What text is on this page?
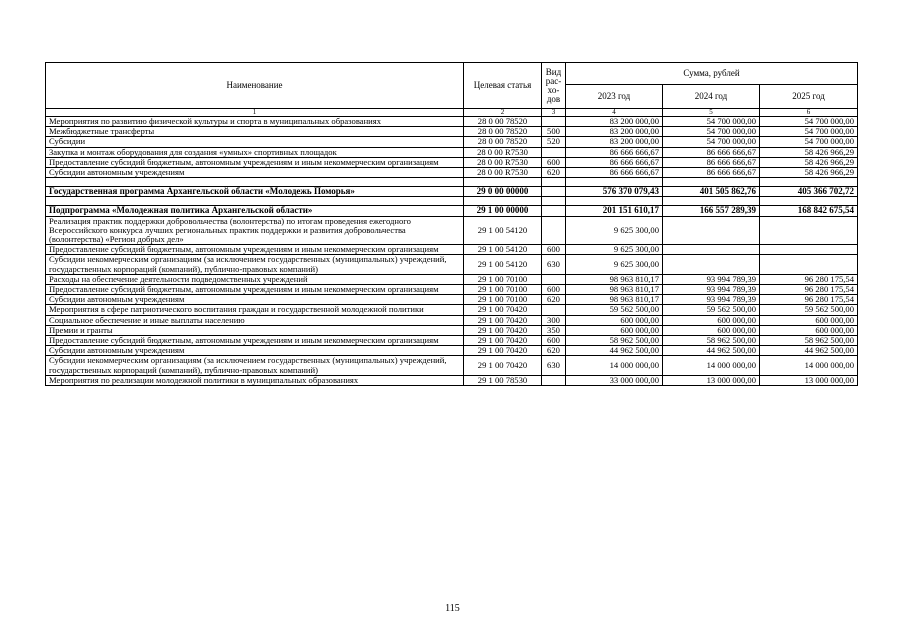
Наименование	Целевая статья	Вид рас-хо-дов	Сумма, рублей		
			2023 год	2024 год	2025 год
1	2	3	4	5	6
Мероприятия по развитию физической культуры и спорта в муниципальных образованиях	28 0 00 78520		83 200 000,00	54 700 000,00	54 700 000,00
Межбюджетные трансферты	28 0 00 78520	500	83 200 000,00	54 700 000,00	54 700 000,00
Субсидии	28 0 00 78520	520	83 200 000,00	54 700 000,00	54 700 000,00
Закупка и монтаж оборудования для создания «умных» спортивных площадок	28 0 00 R7530		86 666 666,67	86 666 666,67	58 426 966,29
Предоставление субсидий бюджетным, автономным учреждениям и иным некоммерческим организациям	28 0 00 R7530	600	86 666 666,67	86 666 666,67	58 426 966,29
Субсидии автономным учреждениям	28 0 00 R7530	620	86 666 666,67	86 666 666,67	58 426 966,29

Государственная программа Архангельской области «Молодежь Поморья»	29 0 00 00000		576 370 079,43	401 505 862,76	405 366 702,72

Подпрограмма «Молодежная политика Архангельской области»	29 1 00 00000		201 151 610,17	166 557 289,39	168 842 675,54
Реализация практик поддержки добровольчества (волонтерства) по итогам проведения ежегодного Всероссийского конкурса лучших региональных практик поддержки и развития добровольчества (волонтерства) «Регион добрых дел»	29 1 00 54120		9 625 300,00		
Предоставление субсидий бюджетным, автономным учреждениям и иным некоммерческим организациям	29 1 00 54120	600	9 625 300,00		
Субсидии некоммерческим организациям (за исключением государственных (муниципальных) учреждений, государственных корпораций (компаний), публично-правовых компаний)	29 1 00 54120	630	9 625 300,00		
Расходы на обеспечение деятельности подведомственных учреждений	29 1 00 70100		98 963 810,17	93 994 789,39	96 280 175,54
Предоставление субсидий бюджетным, автономным учреждениям и иным некоммерческим организациям	29 1 00 70100	600	98 963 810,17	93 994 789,39	96 280 175,54
Субсидии автономным учреждениям	29 1 00 70100	620	98 963 810,17	93 994 789,39	96 280 175,54
Мероприятия в сфере патриотического воспитания граждан и государственной молодежной политики	29 1 00 70420		59 562 500,00	59 562 500,00	59 562 500,00
Социальное обеспечение и иные выплаты населению	29 1 00 70420	300	600 000,00	600 000,00	600 000,00
Премии и гранты	29 1 00 70420	350	600 000,00	600 000,00	600 000,00
Предоставление субсидий бюджетным, автономным учреждениям и иным некоммерческим организациям	29 1 00 70420	600	58 962 500,00	58 962 500,00	58 962 500,00
Субсидии автономным учреждениям	29 1 00 70420	620	44 962 500,00	44 962 500,00	44 962 500,00
Субсидии некоммерческим организациям (за исключением государственных (муниципальных) учреждений, государственных корпораций (компаний), публично-правовых компаний)	29 1 00 70420	630	14 000 000,00	14 000 000,00	14 000 000,00
Мероприятия по реализации молодежной политики в муниципальных образованиях	29 1 00 78530		33 000 000,00	13 000 000,00	13 000 000,00
115
